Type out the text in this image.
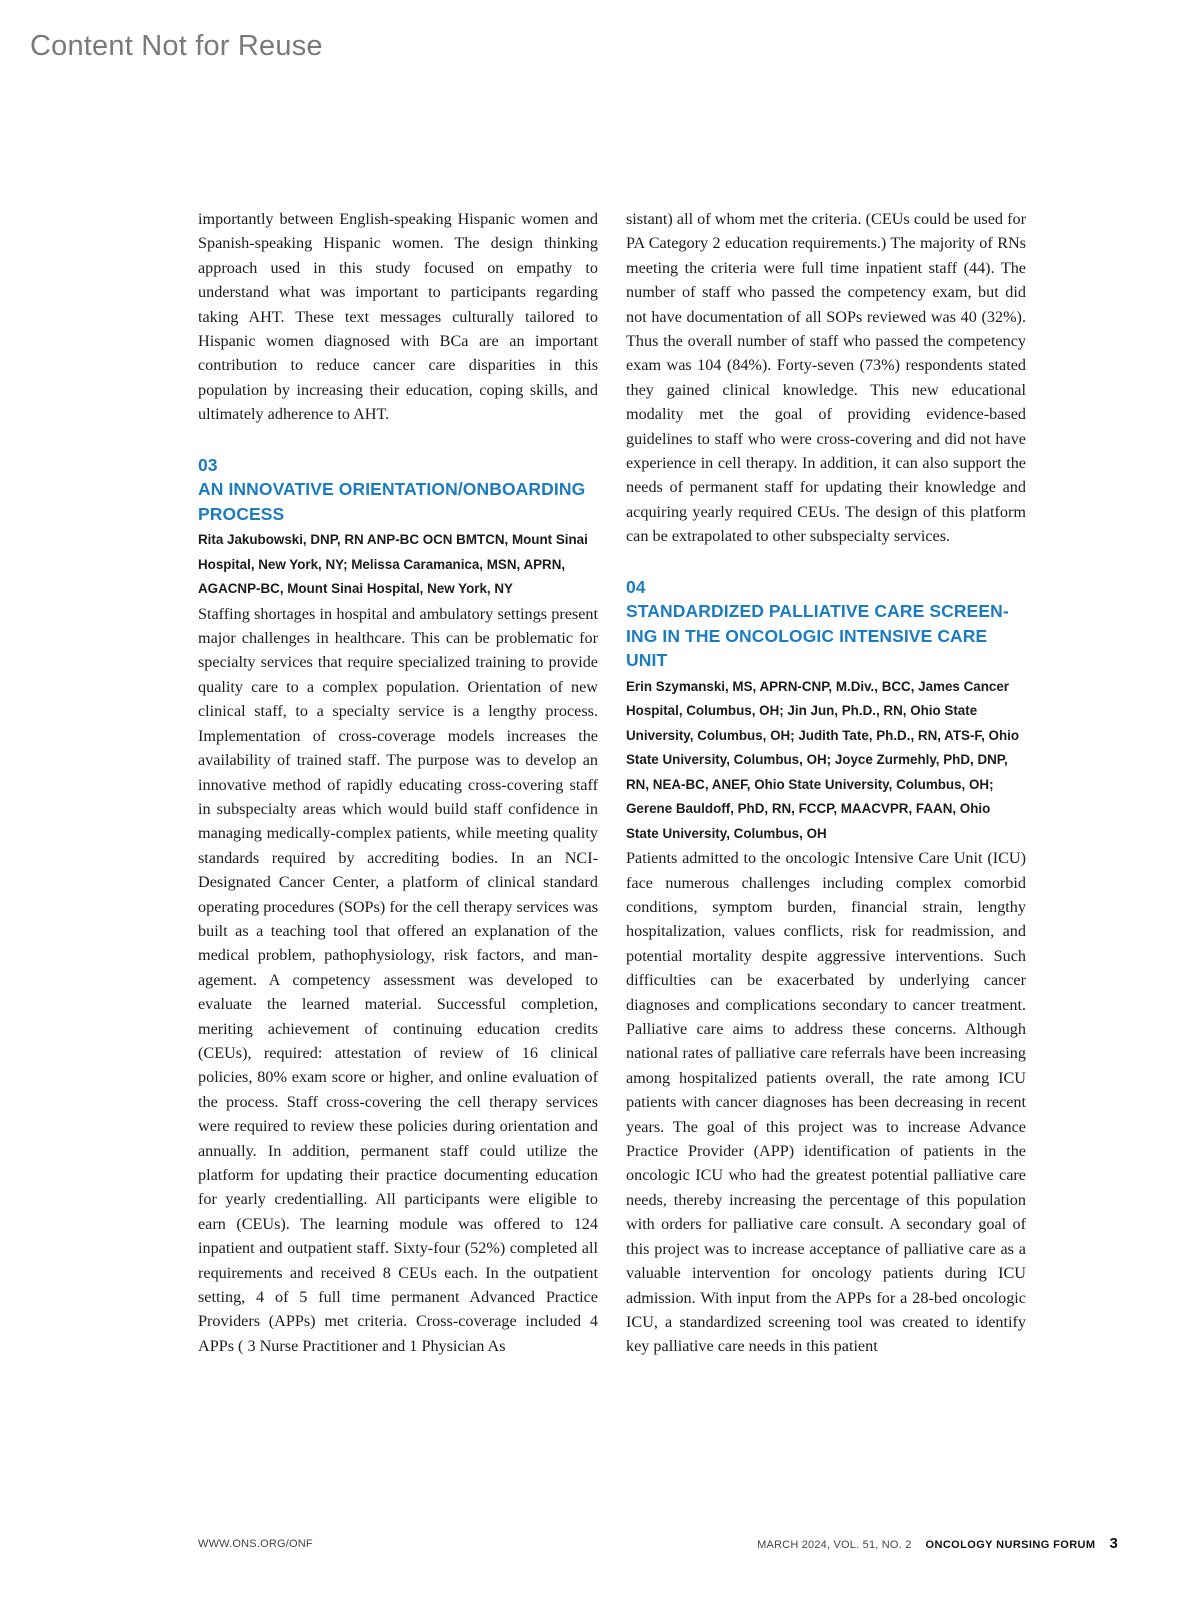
Content Not for Reuse

importantly between English-speaking Hispanic women and Spanish-speaking Hispanic women. The design thinking approach used in this study focused on empathy to understand what was important to participants regarding taking AHT. These text messages culturally tailored to Hispanic women diagnosed with BCa are an important contribution to reduce cancer care disparities in this population by increasing their education, coping skills, and ultimately adherence to AHT.

03
AN INNOVATIVE ORIENTATION/ONBOARDING PROCESS

Rita Jakubowski, DNP, RN ANP-BC OCN BMTCN, Mount Sinai Hospital, New York, NY; Melissa Caramanica, MSN, APRN, AGACNP-BC, Mount Sinai Hospital, New York, NY

Staffing shortages in hospital and ambulatory settings present major challenges in healthcare. This can be problematic for specialty services that require specialized training to provide quality care to a complex population. Orientation of new clinical staff, to a specialty service is a lengthy process. Implementation of cross-coverage models increases the availability of trained staff. The purpose was to develop an innovative method of rapidly educating cross-covering staff in subspecialty areas which would build staff confidence in managing medically-complex patients, while meeting quality standards required by accrediting bodies. In an NCI-Designated Cancer Center, a platform of clinical standard operating procedures (SOPs) for the cell therapy services was built as a teaching tool that offered an explanation of the medical problem, pathophysiology, risk factors, and management. A competency assessment was developed to evaluate the learned material. Successful completion, meriting achievement of continuing education credits (CEUs), required: attestation of review of 16 clinical policies, 80% exam score or higher, and online evaluation of the process. Staff cross-covering the cell therapy services were required to review these policies during orientation and annually. In addition, permanent staff could utilize the platform for updating their practice documenting education for yearly credentialling. All participants were eligible to earn (CEUs). The learning module was offered to 124 inpatient and outpatient staff. Sixty-four (52%) completed all requirements and received 8 CEUs each. In the outpatient setting, 4 of 5 full time permanent Advanced Practice Providers (APPs) met criteria. Cross-coverage included 4 APPs ( 3 Nurse Practitioner and 1 Physician As

sistant) all of whom met the criteria. (CEUs could be used for PA Category 2 education requirements.) The majority of RNs meeting the criteria were full time inpatient staff (44). The number of staff who passed the competency exam, but did not have documentation of all SOPs reviewed was 40 (32%). Thus the overall number of staff who passed the competency exam was 104 (84%). Forty-seven (73%) respondents stated they gained clinical knowledge. This new educational modality met the goal of providing evidence-based guidelines to staff who were cross-covering and did not have experience in cell therapy. In addition, it can also support the needs of permanent staff for updating their knowledge and acquiring yearly required CEUs. The design of this platform can be extrapolated to other subspecialty services.

04
STANDARDIZED PALLIATIVE CARE SCREENING IN THE ONCOLOGIC INTENSIVE CARE UNIT

Erin Szymanski, MS, APRN-CNP, M.Div., BCC, James Cancer Hospital, Columbus, OH; Jin Jun, Ph.D., RN, Ohio State University, Columbus, OH; Judith Tate, Ph.D., RN, ATS-F, Ohio State University, Columbus, OH; Joyce Zurmehly, PhD, DNP, RN, NEA-BC, ANEF, Ohio State University, Columbus, OH; Gerene Bauldoff, PhD, RN, FCCP, MAACVPR, FAAN, Ohio State University, Columbus, OH

Patients admitted to the oncologic Intensive Care Unit (ICU) face numerous challenges including complex comorbid conditions, symptom burden, financial strain, lengthy hospitalization, values conflicts, risk for readmission, and potential mortality despite aggressive interventions. Such difficulties can be exacerbated by underlying cancer diagnoses and complications secondary to cancer treatment. Palliative care aims to address these concerns. Although national rates of palliative care referrals have been increasing among hospitalized patients overall, the rate among ICU patients with cancer diagnoses has been decreasing in recent years. The goal of this project was to increase Advance Practice Provider (APP) identification of patients in the oncologic ICU who had the greatest potential palliative care needs, thereby increasing the percentage of this population with orders for palliative care consult. A secondary goal of this project was to increase acceptance of palliative care as a valuable intervention for oncology patients during ICU admission. With input from the APPs for a 28-bed oncologic ICU, a standardized screening tool was created to identify key palliative care needs in this patient

WWW.ONS.ORG/ONF	MARCH 2024, VOL. 51, NO. 2 ONCOLOGY NURSING FORUM 3
